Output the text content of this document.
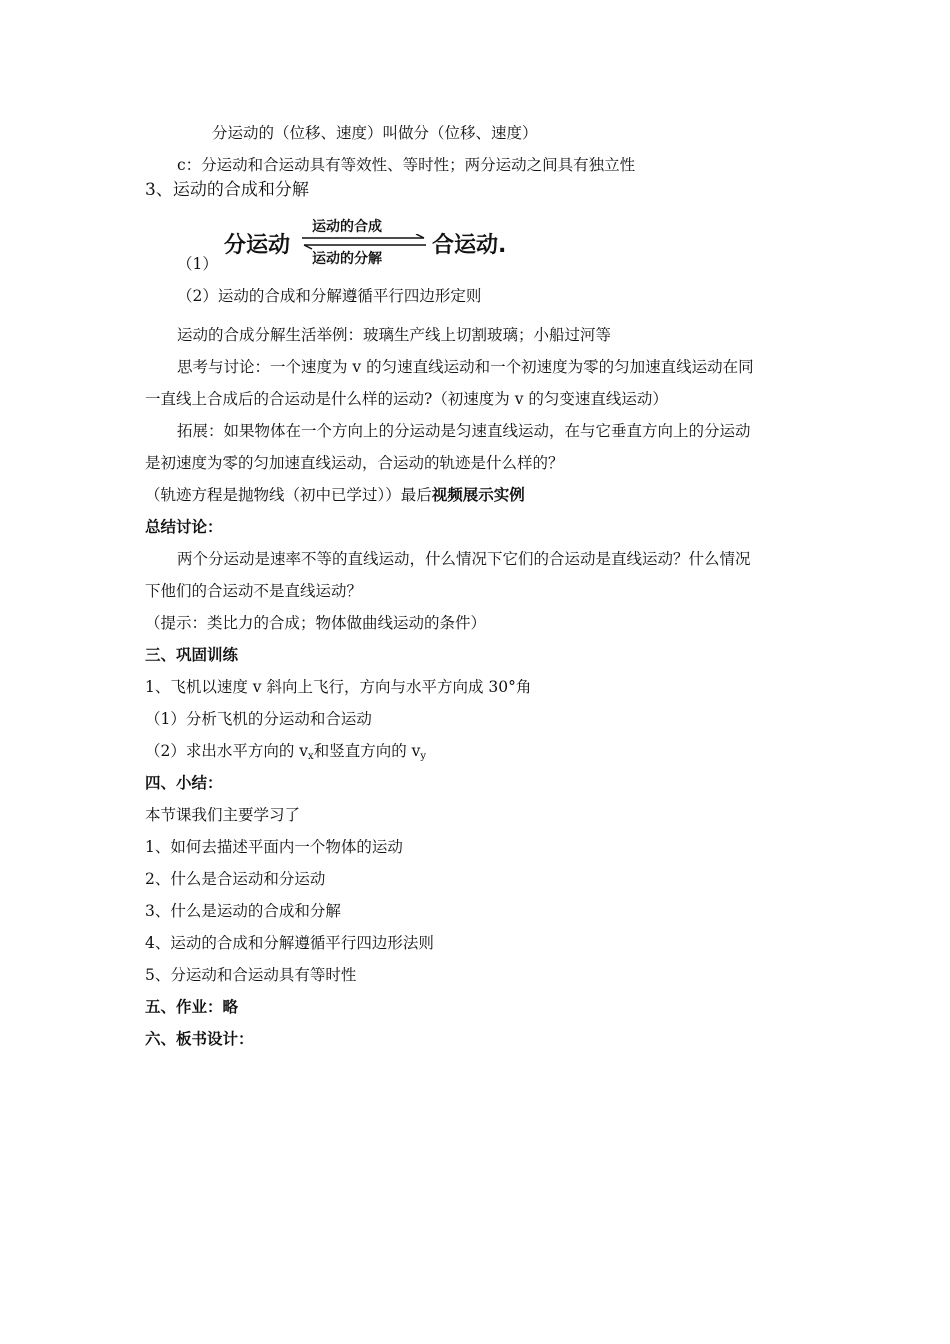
分运动的（位移、速度）叫做分（位移、速度）
c：分运动和合运动具有等效性、等时性；两分运动之间具有独立性
3、运动的合成和分解
分运动
运动的合成
运动的分解
合运动.
（1）
（2）运动的合成和分解遵循平行四边形定则
运动的合成分解生活举例：玻璃生产线上切割玻璃；小船过河等
思考与讨论：一个速度为 v 的匀速直线运动和一个初速度为零的匀加速直线运动在同
一直线上合成后的合运动是什么样的运动?（初速度为 v 的匀变速直线运动）
拓展：如果物体在一个方向上的分运动是匀速直线运动，在与它垂直方向上的分运动
是初速度为零的匀加速直线运动，合运动的轨迹是什么样的？
（轨迹方程是抛物线（初中已学过））最后视频展示实例
总结讨论：
两个分运动是速率不等的直线运动，什么情况下它们的合运动是直线运动？什么情况
下他们的合运动不是直线运动？
（提示：类比力的合成；物体做曲线运动的条件）
三、巩固训练
1、飞机以速度 v 斜向上飞行，方向与水平方向成 30°角
（1）分析飞机的分运动和合运动
（2）求出水平方向的 $v_x$和竖直方向的 $v_y$
四、小结：
本节课我们主要学习了
1、如何去描述平面内一个物体的运动
2、什么是合运动和分运动
3、什么是运动的合成和分解
4、运动的合成和分解遵循平行四边形法则
5、分运动和合运动具有等时性
五、作业：略
六、板书设计：
